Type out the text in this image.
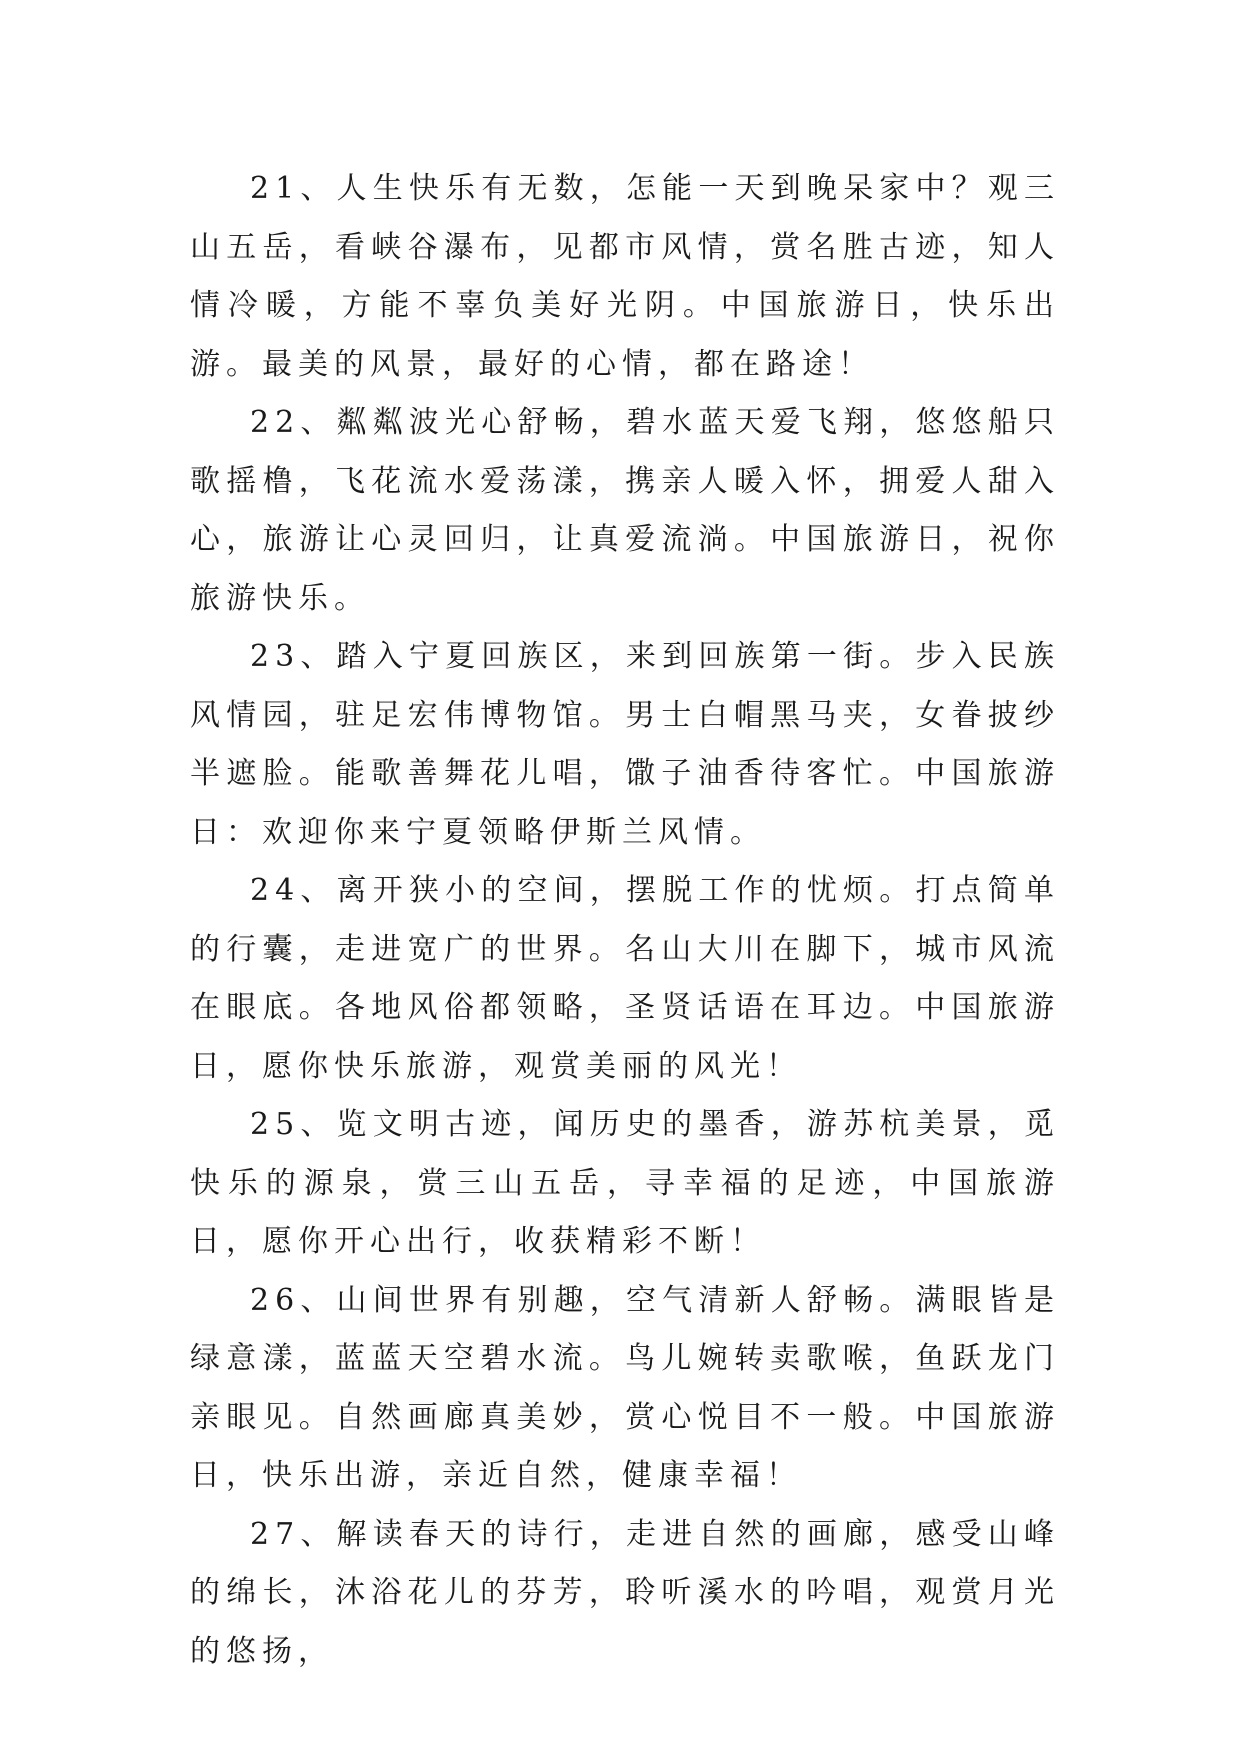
21、人生快乐有无数，怎能一天到晚呆家中？观三山五岳，看峡谷瀑布，见都市风情，赏名胜古迹，知人情冷暖，方能不辜负美好光阴。中国旅游日，快乐出游。最美的风景，最好的心情，都在路途！

22、粼粼波光心舒畅，碧水蓝天爱飞翔，悠悠船只歌摇橹，飞花流水爱荡漾，携亲人暖入怀，拥爱人甜入心，旅游让心灵回归，让真爱流淌。中国旅游日，祝你旅游快乐。

23、踏入宁夏回族区，来到回族第一街。步入民族风情园，驻足宏伟博物馆。男士白帽黑马夹，女眷披纱半遮脸。能歌善舞花儿唱，馓子油香待客忙。中国旅游日：欢迎你来宁夏领略伊斯兰风情。

24、离开狭小的空间，摆脱工作的忧烦。打点简单的行囊，走进宽广的世界。名山大川在脚下，城市风流在眼底。各地风俗都领略，圣贤话语在耳边。中国旅游日，愿你快乐旅游，观赏美丽的风光！

25、览文明古迹，闻历史的墨香，游苏杭美景，觅快乐的源泉，赏三山五岳，寻幸福的足迹，中国旅游日，愿你开心出行，收获精彩不断！

26、山间世界有别趣，空气清新人舒畅。满眼皆是绿意漾，蓝蓝天空碧水流。鸟儿婉转卖歌喉，鱼跃龙门亲眼见。自然画廊真美妙，赏心悦目不一般。中国旅游日，快乐出游，亲近自然，健康幸福！

27、解读春天的诗行，走进自然的画廊，感受山峰的绵长，沐浴花儿的芬芳，聆听溪水的吟唱，观赏月光的悠扬，
